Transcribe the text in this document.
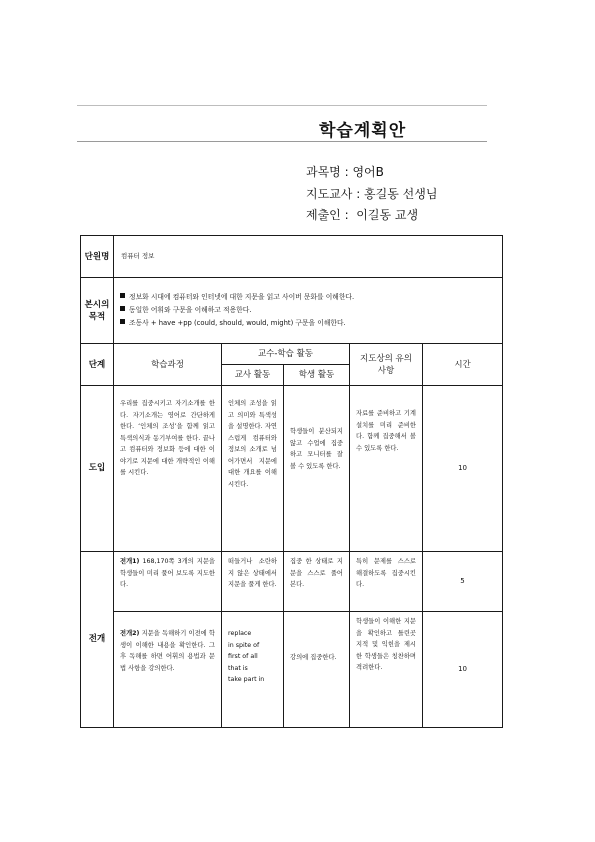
학습계획안
과목명 : 영어B
지도교사 : 홍길동 선생님
제출인 :  이길동 교생
단원명	컴퓨터 정보				

본시의
목적	정보화 시대에 컴퓨터와 인터넷에 대한 지문을 읽고 사이버 문화를 이해한다.
동일한 어휘와 구문을 이해하고 적용한다.
조동사 + have +pp (could, should, would, might) 구문을 이해한다.				

단계	학습과정	교수-학습 활동		지도상의 유의
사항	시간
		교사 활동	학생 활동		
도입	우리를 집중시키고 자기소개를 한다. 자기소개는 영어로 간단하게 한다. ‘인체의 조성’을 함께 읽고 특색의식과 동기부여를 한다. 끝나고 컴퓨터와 정보화 등에 대한 이야기로 지문에 대한 개략적인 이해를 시킨다.	인체의 조성을 읽고 의미와 특색성을 설명한다. 자연스럽게 컴퓨터와 정보의 소개로 넘어가면서 지문에 대한 개요를 이해시킨다.	학생들이 분산되지 않고 수업에 집중 하고 모니터를 잘 볼 수 있도록 한다.	자료를 준비하고 기계 설치를 미리 준비한다. 함께 집중해서 볼 수 있도록 한다.	10
전개	전개1) 168,170쪽 3개의 지문을 학생들이 미리 풀어 보도록 지도한다.	떠들거나 소란하지 않은 상태에서 지문을 풀게 한다.	집중 한 상태로 지문을 스스로 풀어 본다.	특히 문제를 스스로 해결하도록 집중시킨다.	5
	전개2) 지문을 독해하기 이전에 학생이 이해한 내용을 확인한다. 그 후 독해를 하면 어휘의 용법과 문법 사항을 강의한다.	replace
in spite of
first of all
that is
take part in	강의에 집중한다.	학생들이 이해한 지문을 확인하고 틀린곳 지적 및 익힌을 제시한 학생들은 칭찬하며 격려한다.	10
